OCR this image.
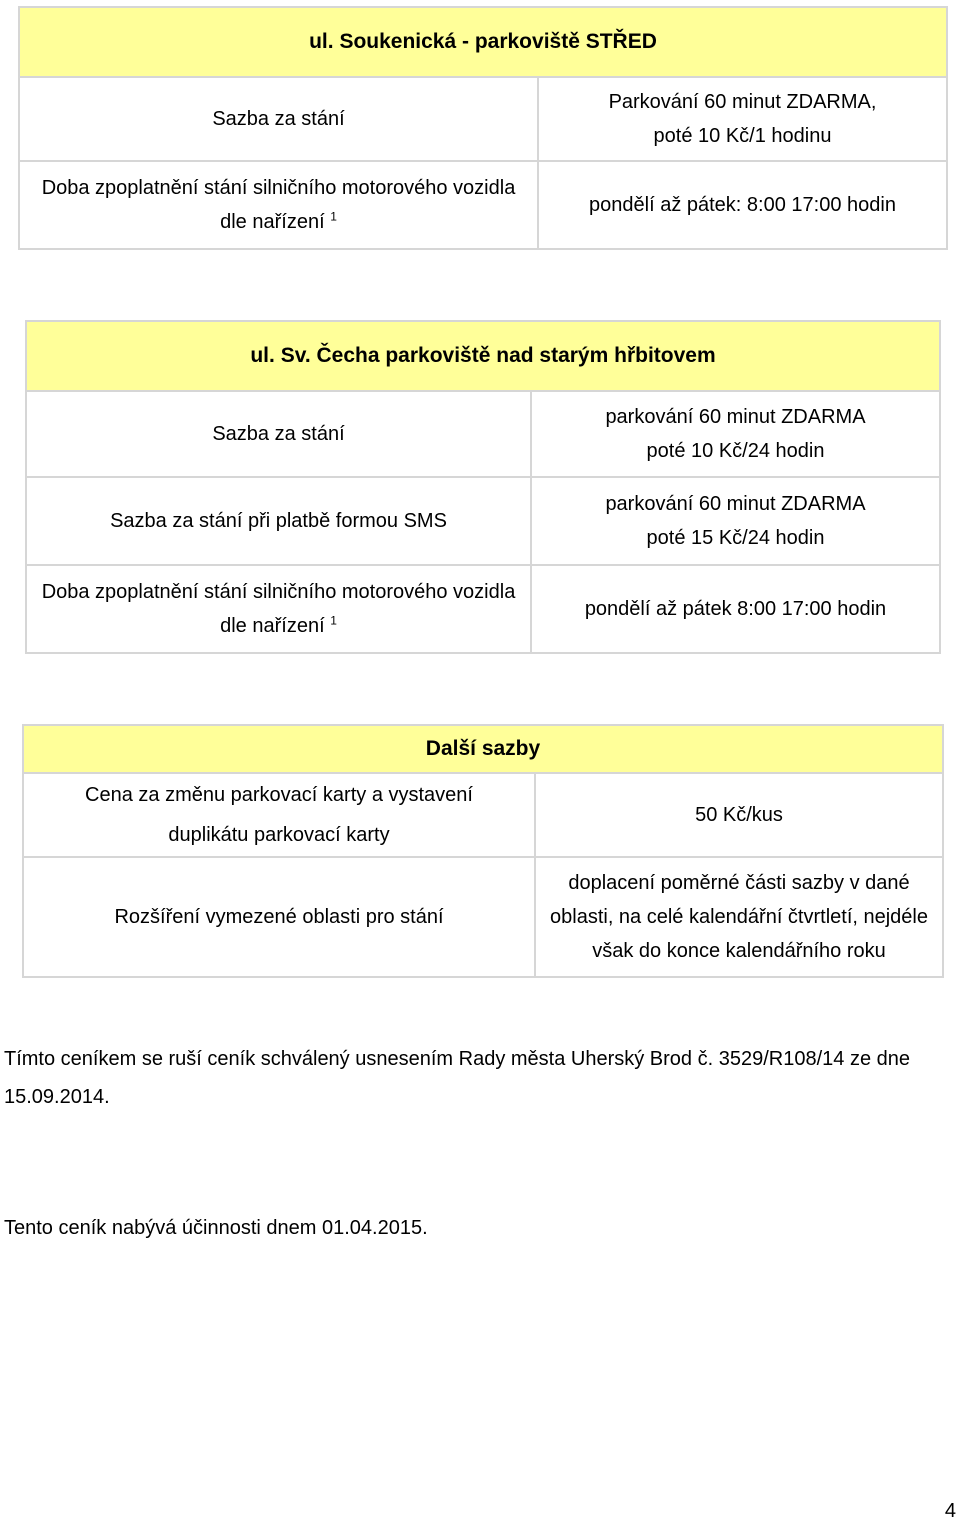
ul. Soukenická - parkoviště STŘED	
Sazba za stání	Parkování 60 minut ZDARMA,
poté 10 Kč/1 hodinu

Doba zpoplatnění stání silničního motorového vozidla
dle nařízení $^1$	pondělí až pátek: 8:00 17:00 hodin
ul. Sv. Čecha parkoviště nad starým hřbitovem	
Sazba za stání	parkování 60 minut ZDARMA
poté 10 Kč/24 hodin

Sazba za stání při platbě formou SMS	parkování 60 minut ZDARMA
poté 15 Kč/24 hodin

Doba zpoplatnění stání silničního motorového vozidla
dle nařízení $^1$	pondělí až pátek 8:00 17:00 hodin
Další sazby	

Cena za změnu parkovací karty a vystavení
duplikátu parkovací karty	50 Kč/kus
Rozšíření vymezené oblasti pro stání	doplacení poměrné části sazby v dané
oblasti, na celé kalendářní čtvrtletí, nejdéle
však do konce kalendářního roku
Tímto ceníkem se ruší ceník schválený usnesením Rady města Uherský Brod č. 3529/R108/14 ze dne 15.09.2014.
Tento ceník nabývá účinnosti dnem 01.04.2015.
4
